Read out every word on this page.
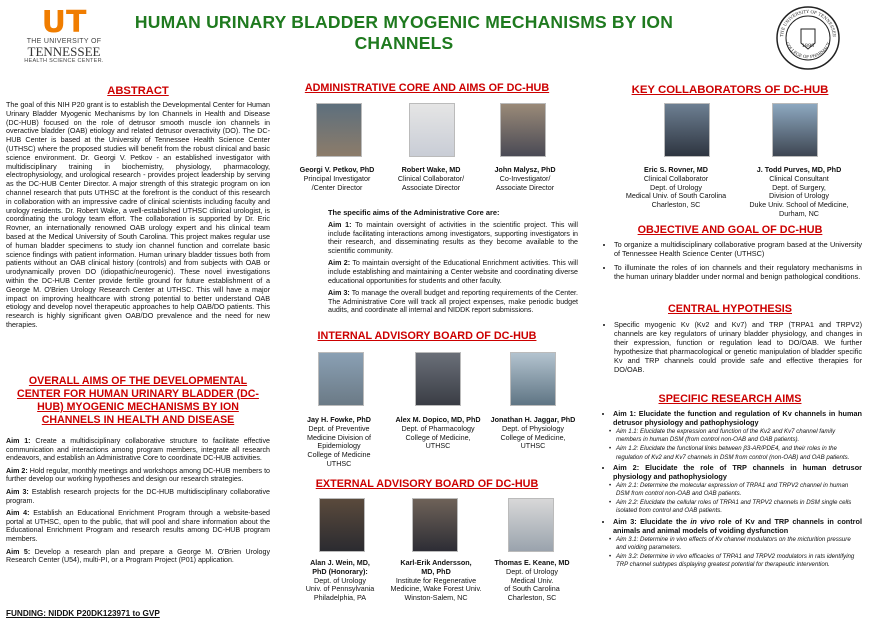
UT
THE UNIVERSITY OF
TENNESSEE
HEALTH SCIENCE CENTER.
HUMAN URINARY BLADDER MYOGENIC MECHANISMS BY ION CHANNELS	1898
THE UNIVERSITY OF TENNESSEE
COLLEGE OF PHARMACY
ABSTRACT
The goal of this NIH P20 grant is to establish the Developmental Center for Human Urinary Bladder Myogenic Mechanisms by Ion Channels in Health and Disease (DC-HUB) focused on the role of detrusor smooth muscle ion channels in overactive bladder (OAB) etiology and related detrusor overactivity (DO). The DC-HUB Center is based at the University of Tennessee Health Science Center (UTHSC) where the proposed studies will benefit from the robust clinical and basic science environment. Dr. Georgi V. Petkov - an established investigator with multidisciplinary training in biochemistry, physiology, pharmacology, electrophysiology, and urological research - provides project leadership by serving as the DC-HUB Center Director. A major strength of this strategic program on ion channel research that puts UTHSC at the forefront is the conduct of this research in collaboration with an impressive cadre of clinical scientists including faculty and urology residents. Dr. Robert Wake, a well-established UTHSC clinical urologist, is coordinating the urology team effort. The collaboration is supported by Dr. Eric Rovner, an internationally renowned OAB urology expert and his clinical team based at the Medical University of South Carolina. This project makes regular use of human bladder specimens to study ion channel function and correlate basic science findings with patient information. Human urinary bladder tissues both from patients without an OAB clinical history (controls) and from subjects with OAB or urodynamically proven DO (idiopathic/neurogenic). These novel investigations within the DC-HUB Center provide fertile ground for future establishment of a George M. O'Brien Urology Research Center at UTHSC. This will have a major impact on improving healthcare with strong potential to better understand OAB etiology and develop novel therapeutic approaches to help OAB/DO patients. This research is highly significant given OAB/DO prevalence and the need for new therapies.
OVERALL AIMS OF THE DEVELOPMENTAL CENTER FOR HUMAN URINARY BLADDER (DC-HUB) MYOGENIC MECHANISMS BY ION CHANNELS IN HEALTH AND DISEASE
Aim 1: Create a multidisciplinary collaborative structure to facilitate effective communication and interactions among program members, integrate all research endeavors, and establish an Administrative Core to coordinate DC-HUB activities.
Aim 2: Hold regular, monthly meetings and workshops among DC-HUB members to further develop our working hypotheses and design our research strategies.
Aim 3: Establish research projects for the DC-HUB multidisciplinary collaborative program.
Aim 4: Establish an Educational Enrichment Program through a website-based portal at UTHSC, open to the public, that will pool and share information about the Educational Enrichment Program and research results among DC-HUB program members.
Aim 5: Develop a research plan and prepare a George M. O'Brien Urology Research Center (U54), multi-PI, or a Program Project (P01) application.
FUNDING: NIDDK P20DK123971 to GVP
ADMINISTRATIVE CORE AND AIMS OF DC-HUB
Georgi V. Petkov, PhD
Principal Investigator
/Center Director
Robert Wake, MD
Clinical Collaborator/
Associate Director
John Malysz, PhD
Co-Investigator/
Associate Director
The specific aims of the Administrative Core are:
Aim 1: To maintain oversight of activities in the scientific project. This will include facilitating interactions among investigators, supporting investigators in their research, and disseminating results as they become available to the scientific community.
Aim 2: To maintain oversight of the Educational Enrichment activities. This will include establishing and maintaining a Center website and coordinating diverse educational opportunities for students and other faculty.
Aim 3: To manage the overall budget and reporting requirements of the Center. The Administrative Core will track all project expenses, make periodic budget audits, and coordinate all internal and NIDDK report submissions.
INTERNAL ADVISORY BOARD OF DC-HUB
Jay H. Fowke, PhD
Dept. of Preventive
Medicine Division of
Epidemiology
College of Medicine
UTHSC
Alex M. Dopico, MD, PhD
Dept. of Pharmacology
College of Medicine,
UTHSC
Jonathan H. Jaggar, PhD
Dept. of Physiology
College of Medicine,
UTHSC
EXTERNAL ADVISORY BOARD OF DC-HUB
Alan J. Wein, MD,
PhD (Honorary):
Dept. of Urology
Univ. of Pennsylvania
Philadelphia, PA
Karl-Erik Andersson,
MD, PhD
Institute for Regenerative
Medicine, Wake Forest Univ.
Winston-Salem, NC
Thomas E. Keane, MD
Dept. of Urology
Medical Univ.
of South Carolina
Charleston, SC
KEY COLLABORATORS OF DC-HUB
Eric S. Rovner, MD
Clinical Collaborator
Dept. of Urology
Medical Univ. of South Carolina
Charleston, SC
J. Todd Purves, MD, PhD
Clinical Consultant
Dept. of Surgery,
Division of Urology
Duke Univ. School of Medicine,
Durham, NC
OBJECTIVE AND GOAL OF DC-HUB
• To organize a multidisciplinary collaborative program based at the University of Tennessee Health Science Center (UTHSC)
• To illuminate the roles of ion channels and their regulatory mechanisms in the human urinary bladder under normal and benign pathological conditions.
CENTRAL HYPOTHESIS
• Specific myogenic Kv (Kv2 and Kv7) and TRP (TRPA1 and TRPV2) channels are key regulators of urinary bladder physiology, and changes in their expression, function or regulation lead to DO/OAB. We further hypothesize that pharmacological or genetic manipulation of bladder specific Kv and TRP channels could provide safe and effective therapies for DO/OAB.
SPECIFIC RESEARCH AIMS
• Aim 1: Elucidate the function and regulation of Kv channels in human detrusor physiology and pathophysiology
• Aim 1.1: Elucidate the expression and function of the Kv2 and Kv7 channel family members in human DSM (from control non-OAB and OAB patients).
• Aim 1.2: Elucidate the functional links between β3-AR/PDE4, and their roles in the regulation of Kv2 and Kv7 channels in DSM from control (non-OAB) and OAB patients.
• Aim 2: Elucidate the role of TRP channels in human detrusor physiology and pathophysiology
• Aim 2.1: Determine the molecular expression of TRPA1 and TRPV2 channel in human DSM from control non-OAB and OAB patients.
• Aim 2.2: Elucidate the cellular roles of TRPA1 and TRPV2 channels in DSM single cells isolated from control and OAB patients.
• Aim 3: Elucidate the in vivo role of Kv and TRP channels in control animals and animal models of voiding dysfunction
• Aim 3.1: Determine in vivo effects of Kv channel modulators on the micturition pressure and voiding parameters.
• Aim 3.2: Determine in vivo efficacies of TRPA1 and TRPV2 modulators in rats identifying TRP channel subtypes displaying greatest potential for therapeutic intervention.
